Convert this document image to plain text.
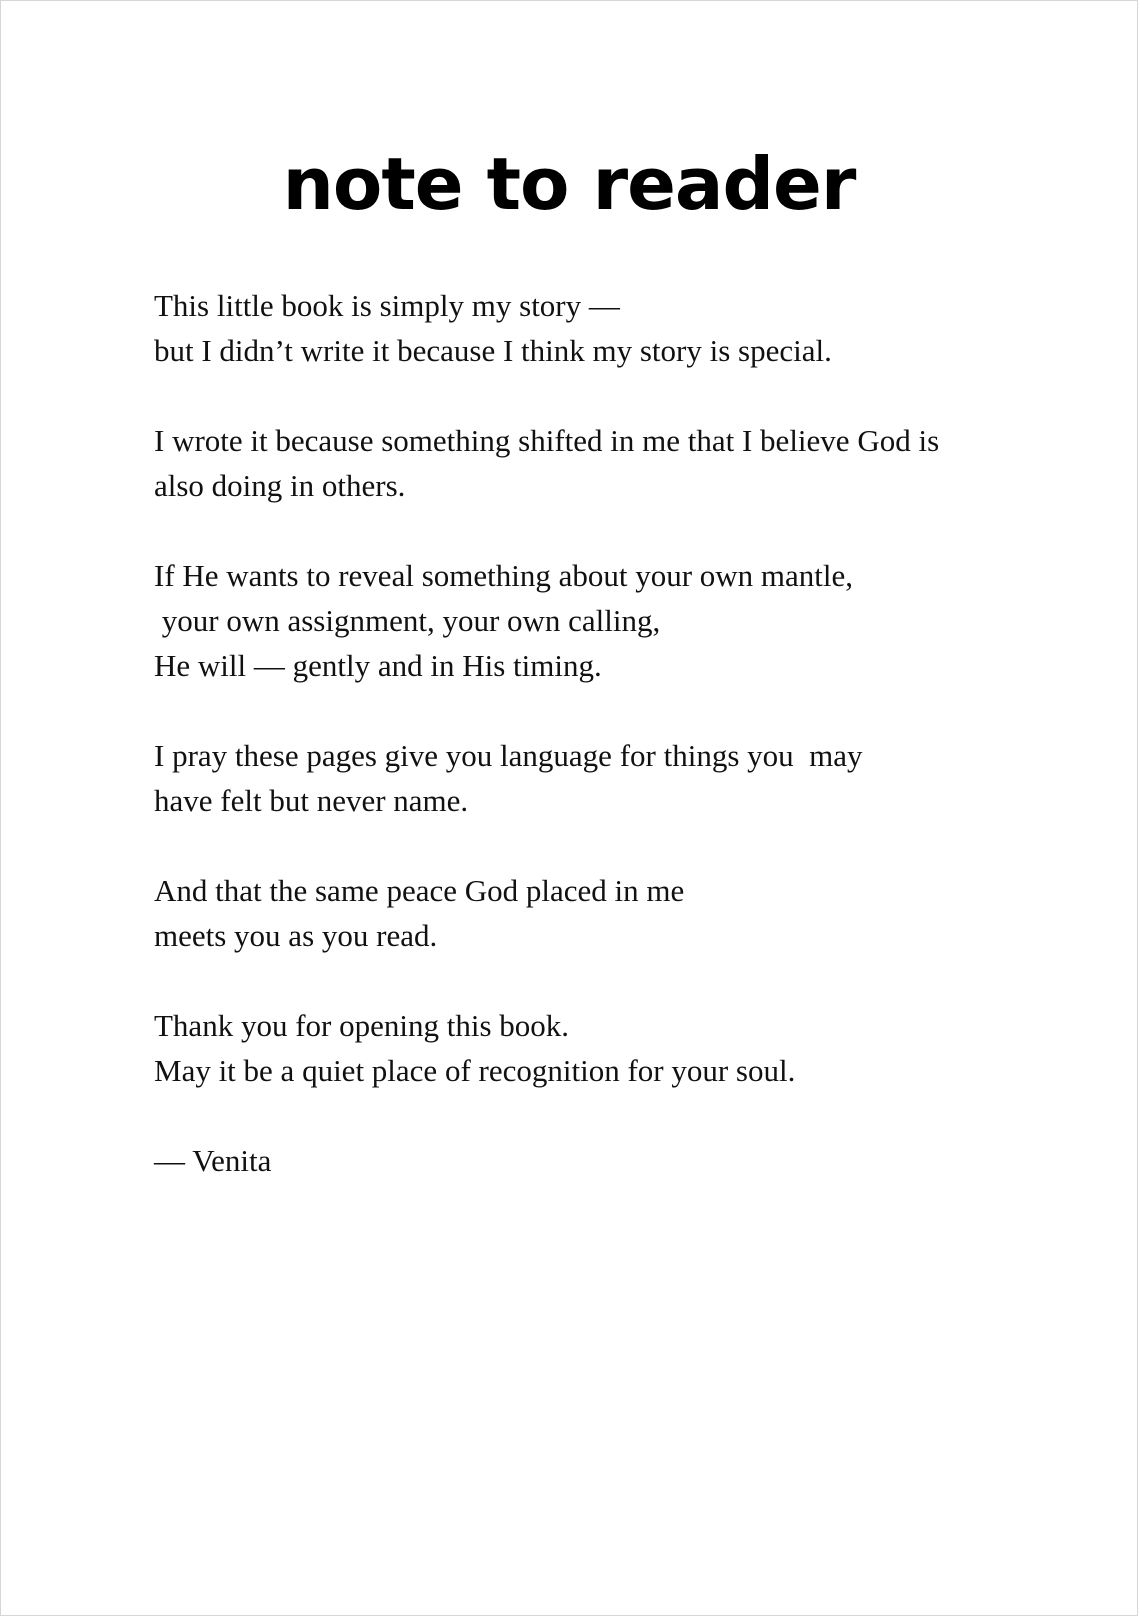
note to reader

This little book is simply my story —
but I didn’t write it because I think my story is special.

I wrote it because something shifted in me that I believe God is
also doing in others.

If He wants to reveal something about your own mantle,
your own assignment, your own calling,
He will — gently and in His timing.

I pray these pages give you language for things you  may
have felt but never name.

And that the same peace God placed in me
meets you as you read.

Thank you for opening this book.
May it be a quiet place of recognition for your soul.

— Venita
